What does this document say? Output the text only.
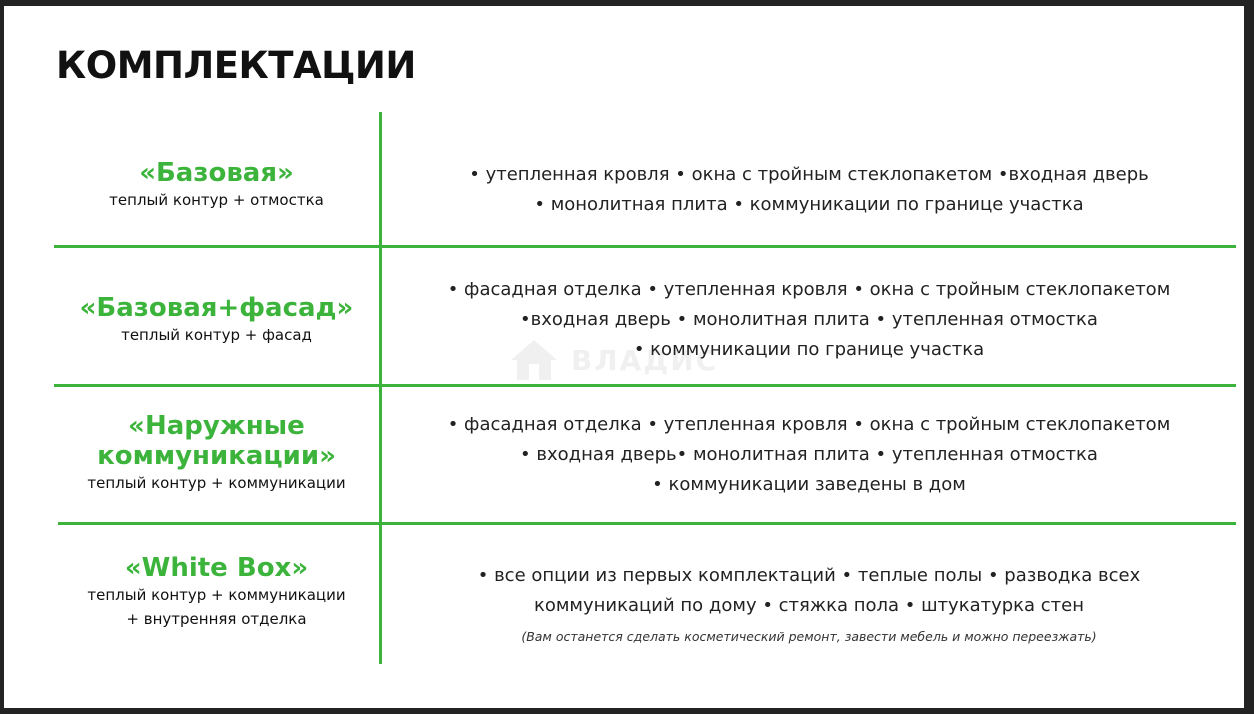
КОМПЛЕКТАЦИИ
ВЛАДИС
«Базовая»
теплый контур + отмостка
• утепленная кровля • окна с тройным стеклопакетом •входная дверь
• монолитная плита • коммуникации по границе участка
«Базовая+фасад»
теплый контур + фасад
• фасадная отделка • утепленная кровля • окна с тройным стеклопакетом
•входная дверь • монолитная плита • утепленная отмостка
• коммуникации по границе участка
«Наружные
коммуникации»
теплый контур + коммуникации
• фасадная отделка • утепленная кровля • окна с тройным стеклопакетом
• входная дверь• монолитная плита • утепленная отмостка
• коммуникации заведены в дом
«White Box»
теплый контур + коммуникации
+ внутренняя отделка
• все опции из первых комплектаций • теплые полы • разводка всех
коммуникаций по дому • стяжка пола • штукатурка стен
(Вам останется сделать косметический ремонт, завести мебель и можно переезжать)
